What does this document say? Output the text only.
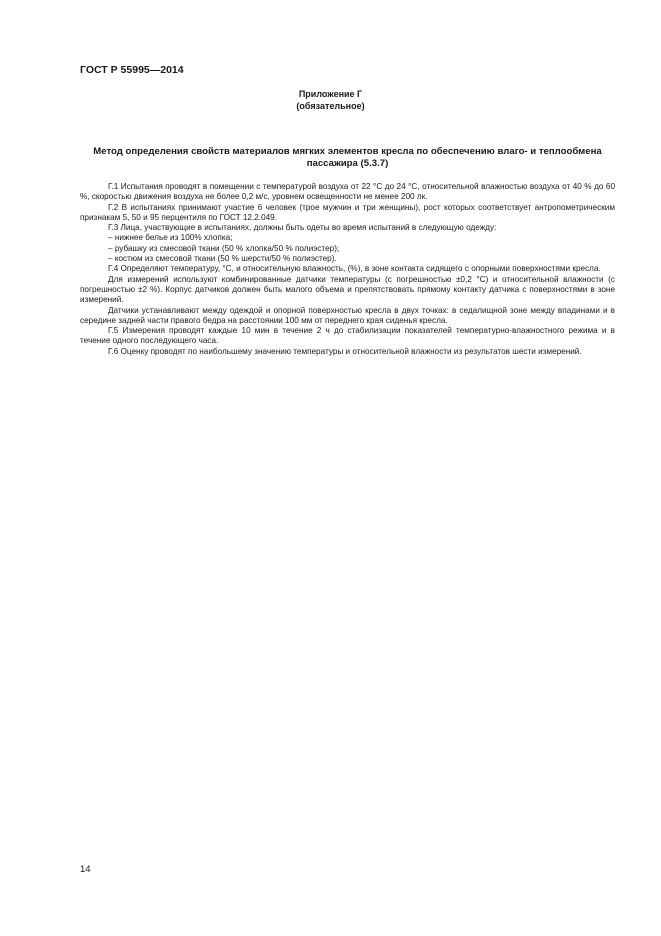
ГОСТ Р 55995—2014
Приложение Г
(обязательное)
Метод определения свойств материалов мягких элементов кресла по обеспечению влаго- и теплообмена пассажира (5.3.7)

Г.1 Испытания проводят в помещении с температурой воздуха от 22 °C до 24 °C, относительной влажностью воздуха от 40 % до 60 %, скоростью движения воздуха не более 0,2 м/с, уровнем освещенности не менее 200 лк.

Г.2 В испытаниях принимают участие 6 человек (трое мужчин и три женщины), рост которых соответствует антропометрическим признакам 5, 50 и 95 перцентиля по ГОСТ 12.2.049.

Г.3 Лица, участвующие в испытаниях, должны быть одеты во время испытаний в следующую одежду:

– нижнее белье из 100% хлопка;

– рубашку из смесовой ткани (50 % хлопка/50 % полиэстер);

– костюм из смесовой ткани (50 % шерсти/50 % полиэстер).

Г.4 Определяют температуру, °C, и относительную влажность, (%), в зоне контакта сидящего с опорными поверхностями кресла.

Для измерений используют комбинированные датчики температуры (с погрешностью ±0,2 °C) и относительной влажности (с погрешностью ±2 %). Корпус датчиков должен быть малого объема и препятствовать прямому контакту датчика с поверхностями в зоне измерений.

Датчики устанавливают между одеждой и опорной поверхностью кресла в двух точках: в седалищной зоне между впадинами и в середине задней части правого бедра на расстоянии 100 мм от переднего края сиденья кресла.

Г.5 Измерения проводят каждые 10 мин в течение 2 ч до стабилизации показателей температурно-влажностного режима и в течение одного последующего часа.

Г.6 Оценку проводят по наибольшему значению температуры и относительной влажности из результатов шести измерений.

14
